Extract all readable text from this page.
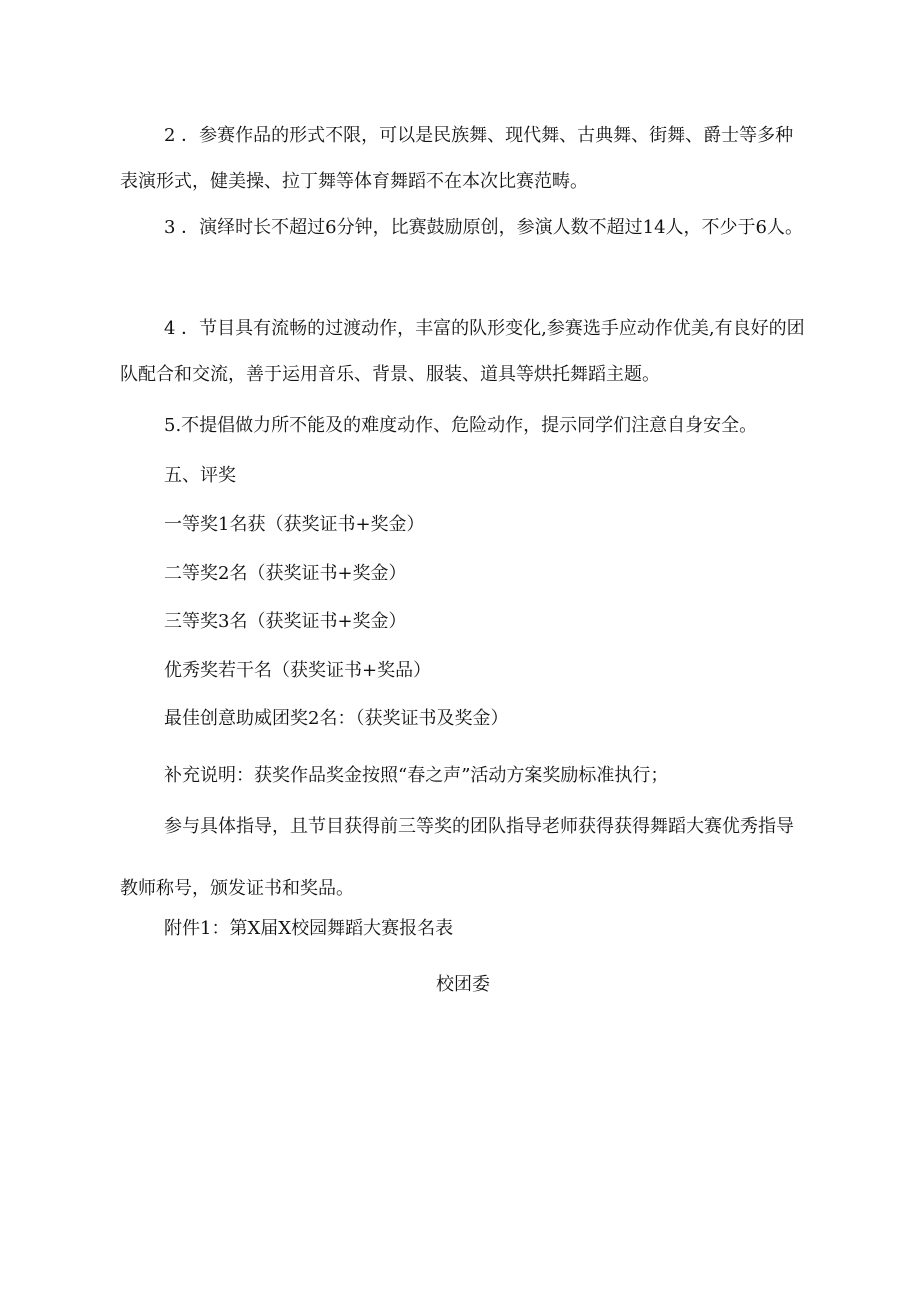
2 ．参赛作品的形式不限，可以是民族舞、现代舞、古典舞、街舞、爵士等多种表演形式，健美操、拉丁舞等体育舞蹈不在本次比赛范畴。

3 ．演绎时长不超过6分钟，比赛鼓励原创，参演人数不超过14人，不少于6人。

4 ．节目具有流畅的过渡动作，丰富的队形变化,参赛选手应动作优美,有良好的团队配合和交流，善于运用音乐、背景、服装、道具等烘托舞蹈主题。

5.不提倡做力所不能及的难度动作、危险动作，提示同学们注意自身安全。

五、评奖

一等奖1名获（获奖证书+奖金）

二等奖2名（获奖证书+奖金）

三等奖3名（获奖证书+奖金）

优秀奖若干名（获奖证书+奖品）

最佳创意助威团奖2名：（获奖证书及奖金）

补充说明：获奖作品奖金按照“春之声”活动方案奖励标准执行；

参与具体指导，且节目获得前三等奖的团队指导老师获得获得舞蹈大赛优秀指导教师称号，颁发证书和奖品。

附件1：第X届X校园舞蹈大赛报名表

校团委
